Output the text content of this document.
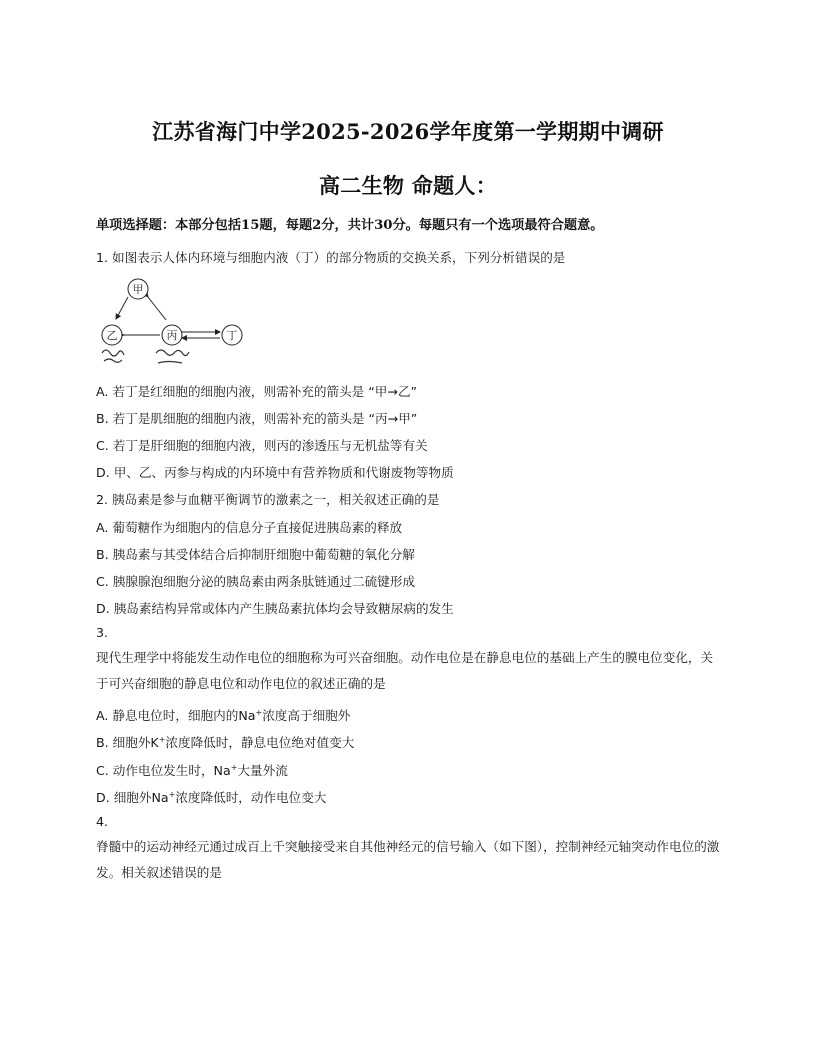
江苏省海门中学2025-2026学年度第一学期期中调研
高二生物 命题人：
单项选择题：本部分包括15题，每题2分，共计30分。每题只有一个选项最符合题意。
1. 如图表示人体内环境与细胞内液（丁）的部分物质的交换关系，下列分析错误的是
甲
乙	丙	丁
A. 若丁是红细胞的细胞内液，则需补充的箭头是 “甲→乙”
B. 若丁是肌细胞的细胞内液，则需补充的箭头是 “丙→甲”
C. 若丁是肝细胞的细胞内液，则丙的渗透压与无机盐等有关
D. 甲、乙、丙参与构成的内环境中有营养物质和代谢废物等物质
2. 胰岛素是参与血糖平衡调节的激素之一，相关叙述正确的是
A. 葡萄糖作为细胞内的信息分子直接促进胰岛素的释放
B. 胰岛素与其受体结合后抑制肝细胞中葡萄糖的氧化分解
C. 胰腺腺泡细胞分泌的胰岛素由两条肽链通过二硫键形成
D. 胰岛素结构异常或体内产生胰岛素抗体均会导致糖尿病的发生
3.
现代生理学中将能发生动作电位的细胞称为可兴奋细胞。动作电位是在静息电位的基础上产生的膜电位变化，关于可兴奋细胞的静息电位和动作电位的叙述正确的是
A. 静息电位时，细胞内的Na+浓度高于细胞外
B. 细胞外K+浓度降低时，静息电位绝对值变大
C. 动作电位发生时，Na+大量外流
D. 细胞外Na+浓度降低时，动作电位变大
4.
脊髓中的运动神经元通过成百上千突触接受来自其他神经元的信号输入（如下图），控制神经元轴突动作电位的激发。相关叙述错误的是
